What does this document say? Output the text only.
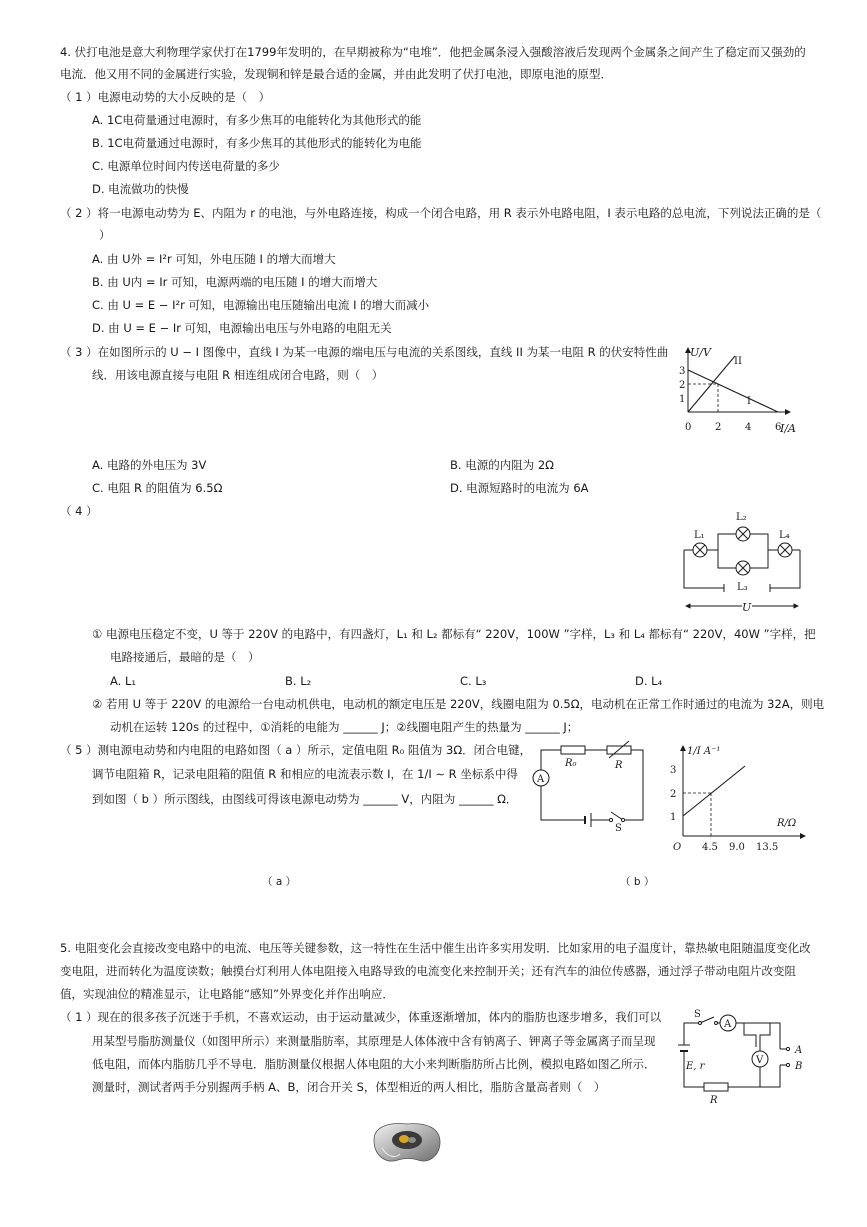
4. 伏打电池是意大利物理学家伏打在1799年发明的，在早期被称为“电堆”．他把金属条浸入强酸溶液后发现两个金属条之间产生了稳定而又强劲的
电流．他又用不同的金属进行实验，发现铜和锌是最合适的金属，并由此发明了伏打电池，即原电池的原型．
（ 1 ）电源电动势的大小反映的是（　）
A. 1C电荷量通过电源时，有多少焦耳的电能转化为其他形式的能
B. 1C电荷量通过电源时，有多少焦耳的其他形式的能转化为电能
C. 电源单位时间内传送电荷量的多少
D. 电流做功的快慢
（ 2 ）将一电源电动势为 E、内阻为 r 的电池，与外电路连接，构成一个闭合电路，用 R 表示外电路电阻，I 表示电路的总电流，下列说法正确的是（
）
A. 由 U外 = I²r 可知，外电压随 I 的增大而增大
B. 由 U内 = Ir 可知，电源两端的电压随 I 的增大而增大
C. 由 U = E − I²r 可知，电源输出电压随输出电流 I 的增大而减小
D. 由 U = E − Ir 可知，电源输出电压与外电路的电阻无关
（ 3 ）在如图所示的 U − I 图像中，直线 I 为某一电源的端电压与电流的关系图线，直线 II 为某一电阻 R 的伏安特性曲
线．用该电源直接与电阻 R 相连组成闭合电路，则（　）
U/V
I/A
0 2 4 6
1
2
3
I
II
A. 电路的外电压为 3V	B. 电源的内阻为 2Ω
C. 电阻 R 的阻值为 6.5Ω	D. 电源短路时的电流为 6A
（ 4 ）
L₁
L₂
L₃
L₄
U
① 电源电压稳定不变，U 等于 220V 的电路中，有四盏灯，L₁ 和 L₂ 都标有“ 220V，100W ”字样，L₃ 和 L₄ 都标有“ 220V，40W ”字样，把
电路接通后，最暗的是（　）
A. L₁	B. L₂	C. L₃	D. L₄
② 若用 U 等于 220V 的电源给一台电动机供电，电动机的额定电压是 220V，线圈电阻为 0.5Ω，电动机在正常工作时通过的电流为 32A，则电
动机在运转 120s 的过程中，①消耗的电能为 ______ J；②线圈电阻产生的热量为 ______ J；
（ 5 ）测电源电动势和内电阻的电路如图（ a ）所示，定值电阻 R₀ 阻值为 3Ω．闭合电键，
调节电阻箱 R，记录电阻箱的阻值 R 和相应的电流表示数 I，在 1/I ∼ R 坐标系中得
到如图（ b ）所示图线，由图线可得该电源电动势为 ______ V，内阻为 ______ Ω．
A
R₀	R
S
1/I A⁻¹
R/Ω
O 4.5 9.0 13.5
1
2
3
（ a ）	（ b ）
5. 电阻变化会直接改变电路中的电流、电压等关键参数，这一特性在生活中催生出许多实用发明．比如家用的电子温度计，靠热敏电阻随温度变化改
变电阻，进而转化为温度读数；触摸台灯利用人体电阻接入电路导致的电流变化来控制开关；还有汽车的油位传感器，通过浮子带动电阻片改变阻
值，实现油位的精准显示，让电路能“感知”外界变化并作出响应．
（ 1 ）现在的很多孩子沉迷于手机，不喜欢运动，由于运动量减少，体重逐渐增加，体内的脂肪也逐步增多，我们可以
用某型号脂肪测量仪（如图甲所示）来测量脂肪率，其原理是人体体液中含有钠离子、钾离子等金属离子而呈现
低电阻，而体内脂肪几乎不导电．脂肪测量仪根据人体电阻的大小来判断脂肪所占比例，模拟电路如图乙所示．
测量时，测试者两手分别握两手柄 A、B，闭合开关 S，体型相近的两人相比，脂肪含量高者则（　）
A
V
S
E, r
A
B
R
